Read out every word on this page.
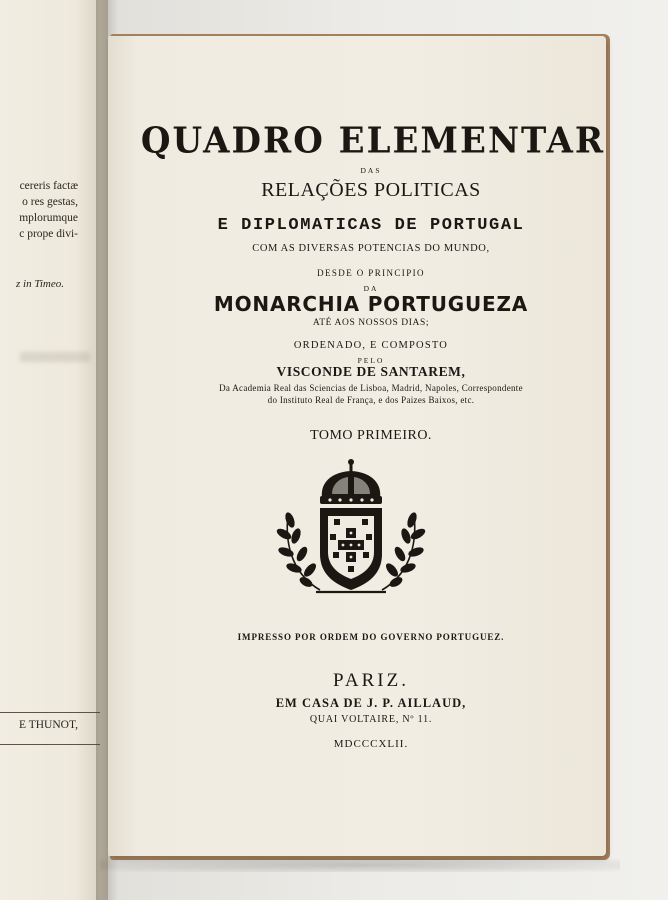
cereris factæ
o res gestas,
mplorumque
c prope divi-
z in Timeo.
E THUNOT,
QUADRO ELEMENTAR
DAS
RELAÇÕES POLITICAS
E DIPLOMATICAS DE PORTUGAL
COM AS DIVERSAS POTENCIAS DO MUNDO,
DESDE O PRINCIPIO
DA
MONARCHIA PORTUGUEZA
ATÉ AOS NOSSOS DIAS;
ORDENADO, E COMPOSTO
PELO
VISCONDE DE SANTAREM,
Da Academia Real das Sciencias de Lisboa, Madrid, Napoles, Correspondente
do Instituto Real de França, e dos Paizes Baixos, etc.
TOMO PRIMEIRO.
IMPRESSO POR ORDEM DO GOVERNO PORTUGUEZ.
PARIZ.
EM CASA DE J. P. AILLAUD,
QUAI VOLTAIRE, Nº 11.
MDCCCXLII.
